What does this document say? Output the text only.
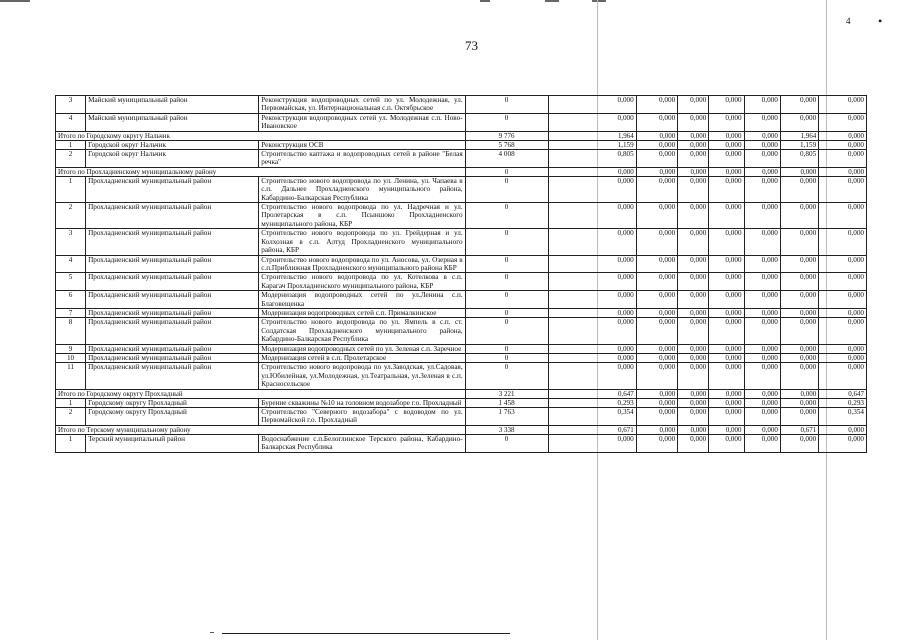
73
4 •
3	Майский муниципальный район	Реконструкция водопроводных сетей по ул. Молодежная, ул. Первомайская, ул. Интернациональная с.п. Октябрьское	0	0,000	0,000	0,000	0,000	0,000	0,000	0,000
4	Майский муниципальный район	Реконструкция водопроводных сетей ул. Молодежная с.п. Ново-Ивановское	0	0,000	0,000	0,000	0,000	0,000	0,000	0,000
Итого по Городскому округу Нальчик			9 776	1,964	0,000	0,000	0,000	0,000	1,964	0,000
1	Городской округ Нальчик	Реконструкция ОСВ	5 768	1,159	0,000	0,000	0,000	0,000	1,159	0,000
2	Городской округ Нальчик	Строительство каптажа и водопроводных сетей в районе "Белая речка"	4 008	0,805	0,000	0,000	0,000	0,000	0,805	0,000
Итого по Прохладненскому муниципальному району			0	0,000	0,000	0,000	0,000	0,000	0,000	0,000
1	Прохладненский муниципальный район	Строительство нового водопровода по ул. Ленина, ул. Чапаева в с.п. Дальнее Прохладненского муниципального района, Кабардино-Балкарская Республика	0	0,000	0,000	0,000	0,000	0,000	0,000	0,000
2	Прохладненский муниципальный район	Строительство нового водопровода по ул. Надречная и ул. Пролетарская в с.п. Псыншоко Прохладненского муниципального района, КБР	0	0,000	0,000	0,000	0,000	0,000	0,000	0,000
3	Прохладненский муниципальный район	Строительство нового водопровода по ул. Грейдерная и ул. Колхозная в с.п. Алтуд Прохладненского муниципального района, КБР	0	0,000	0,000	0,000	0,000	0,000	0,000	0,000
4	Прохладненский муниципальный район	Строительство нового водопровода по ул. Аносова, ул. Озерная в с.п.Приближная Прохладненского муниципального района КБР	0	0,000	0,000	0,000	0,000	0,000	0,000	0,000
5	Прохладненский муниципальный район	Строительство нового водопровода по ул. Котелкова в с.п. Карагач Прохладненского муниципального района, КБР	0	0,000	0,000	0,000	0,000	0,000	0,000	0,000
6	Прохладненский муниципальный район	Модернизация водопроводных сетей по ул.Ленина с.п. Благовещенка	0	0,000	0,000	0,000	0,000	0,000	0,000	0,000
7	Прохладненский муниципальный район	Модернизация водопроводных сетей с.п. Прималкинское	0	0,000	0,000	0,000	0,000	0,000	0,000	0,000
8	Прохладненский муниципальный район	Строительство нового водопровода по ул. Ямпель в с.п. ст. Солдатская Прохладненского муниципального района, Кабардино-Балкарская Республика	0	0,000	0,000	0,000	0,000	0,000	0,000	0,000
9	Прохладненский муниципальный район	Модернизация водопроводных сетей по ул. Зеленая с.п. Заречное	0	0,000	0,000	0,000	0,000	0,000	0,000	0,000
10	Прохладненский муниципальный район	Модернизация сетей в с.п. Пролетарское	0	0,000	0,000	0,000	0,000	0,000	0,000	0,000
11	Прохладненский муниципальный район	Строительство нового водопровода по ул.Заводская, ул.Садовая, ул.Юбилейная, ул.Молодежная, ул.Театральная, ул.Зеленая в с.п. Красносельское	0	0,000	0,000	0,000	0,000	0,000	0,000	0,000
Итого по Городскому округу Прохладный			3 221	0,647	0,000	0,000	0,000	0,000	0,000	0,647
1	Городскому округу Прохладный	Бурение скважины №10 на головном водозаборе г.о. Прохладный	1 458	0,293	0,000	0,000	0,000	0,000	0,000	0,293
2	Городскому округу Прохладный	Строительство "Северного водозабора" с водоводом по ул. Первомайской г.о. Прохладный	1 763	0,354	0,000	0,000	0,000	0,000	0,000	0,354
Итого по Терскому муниципальному району			3 338	0,671	0,000	0,000	0,000	0,000	0,671	0,000
1	Терский муниципальный район	Водоснабжение с.п.Белоглинское Терского района, Кабардино-Балкарская Республика	0	0,000	0,000	0,000	0,000	0,000	0,000	0,000
